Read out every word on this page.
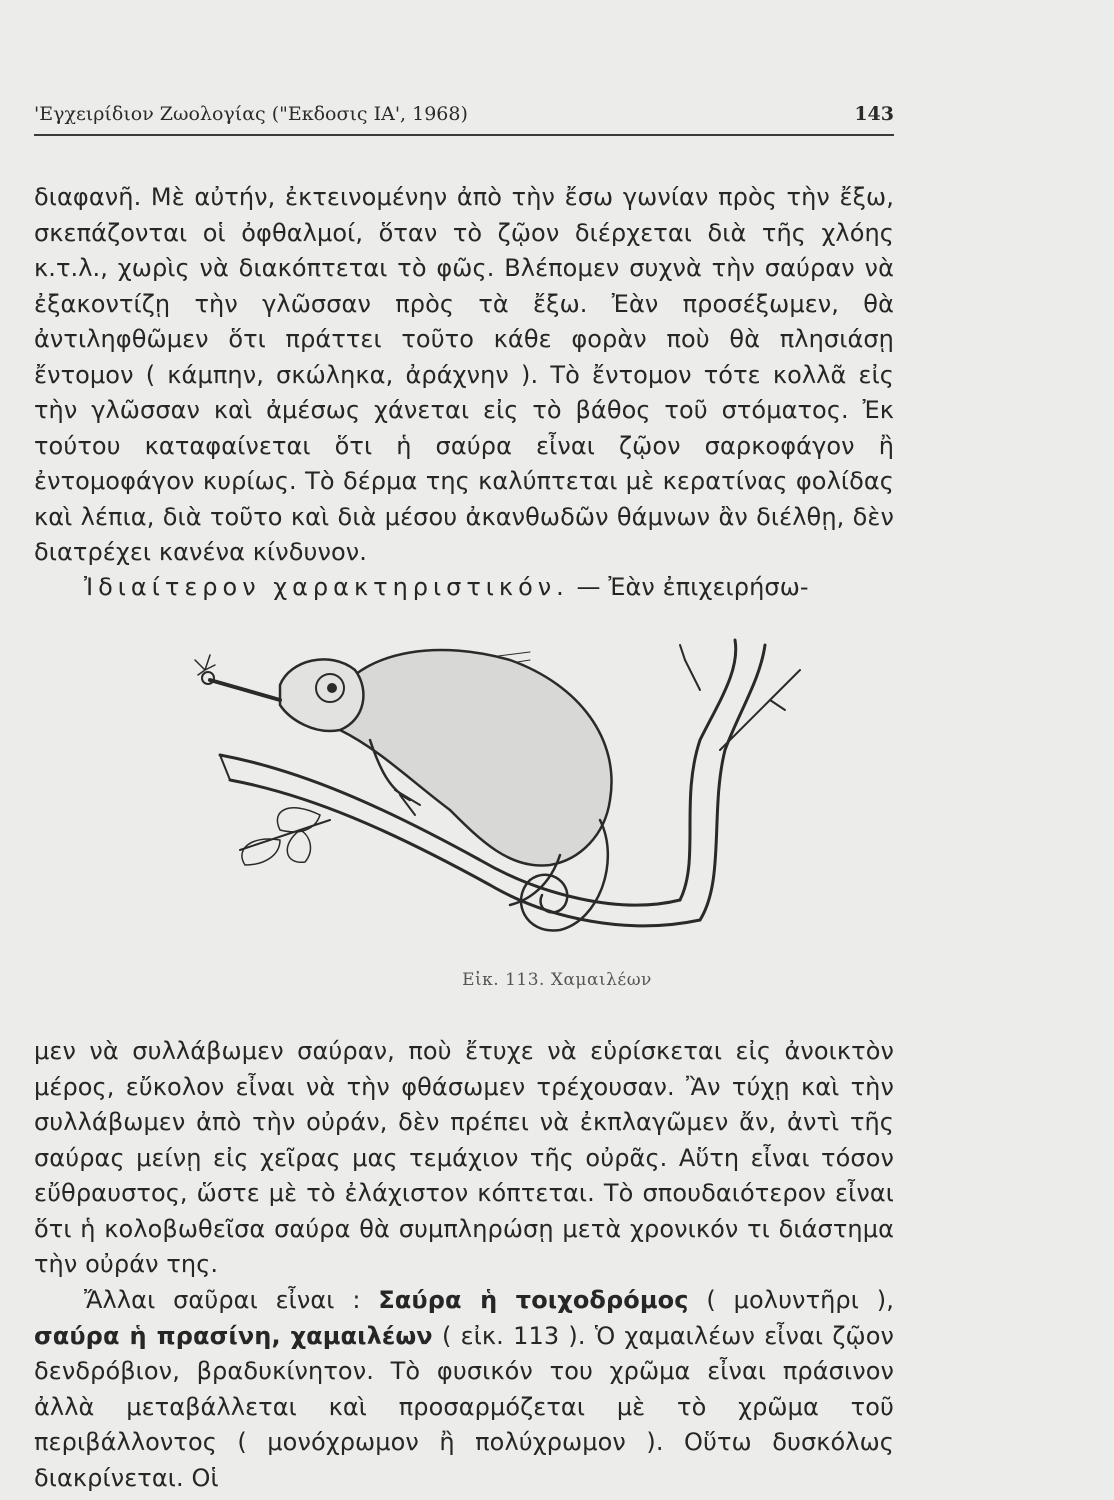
'Εγχειρίδιον Ζωολογίας ("Εκδοσις ΙΑ', 1968)	143

διαφανῆ. Μὲ αὐτήν, ἐκτεινομένην ἀπὸ τὴν ἔσω γωνίαν πρὸς τὴν ἔξω, σκεπάζονται οἱ ὀφθαλμοί, ὅταν τὸ ζῷον διέρχεται διὰ τῆς χλόης κ.τ.λ., χωρὶς νὰ διακόπτεται τὸ φῶς. Βλέπομεν συχνὰ τὴν σαύραν νὰ ἐξακοντίζῃ τὴν γλῶσσαν πρὸς τὰ ἔξω. Ἐὰν προσέξωμεν, θὰ ἀντιληφθῶμεν ὅτι πράττει τοῦτο κάθε φορὰν ποὺ θὰ πλησιάσῃ ἔντομον ( κάμπην, σκώληκα, ἀράχνην ). Τὸ ἔντομον τότε κολλᾶ εἰς τὴν γλῶσσαν καὶ ἀμέσως χάνεται εἰς τὸ βάθος τοῦ στόματος. Ἐκ τούτου καταφαίνεται ὅτι ἡ σαύρα εἶναι ζῷον σαρκοφάγον ἢ ἐντομοφάγον κυρίως. Τὸ δέρμα της καλύπτεται μὲ κερατίνας φολίδας καὶ λέπια, διὰ τοῦτο καὶ διὰ μέσου ἀκανθωδῶν θάμνων ἂν διέλθῃ, δὲν διατρέχει κανένα κίνδυνον.

Ἰδιαίτερον χαρακτηριστικόν. — Ἐὰν ἐπιχειρήσω-

Εἰκ. 113. Χαμαιλέων

μεν νὰ συλλάβωμεν σαύραν, ποὺ ἔτυχε νὰ εὑρίσκεται εἰς ἀνοικτὸν μέρος, εὔκολον εἶναι νὰ τὴν φθάσωμεν τρέχουσαν. Ἂν τύχῃ καὶ τὴν συλλάβωμεν ἀπὸ τὴν οὐράν, δὲν πρέπει νὰ ἐκπλαγῶμεν ἄν, ἀντὶ τῆς σαύρας μείνῃ εἰς χεῖρας μας τεμάχιον τῆς οὐρᾶς. Αὕτη εἶναι τόσον εὔθραυστος, ὥστε μὲ τὸ ἐλάχιστον κόπτεται. Τὸ σπουδαιότερον εἶναι ὅτι ἡ κολοβωθεῖσα σαύρα θὰ συμπληρώσῃ μετὰ χρονικόν τι διάστημα τὴν οὐράν της.

Ἄλλαι σαῦραι εἶναι : Σαύρα ἡ τοιχοδρόμος ( μολυντῆρι ), σαύρα ἡ πρασίνη, χαμαιλέων ( εἰκ. 113 ). Ὁ χαμαιλέων εἶναι ζῷον δενδρόβιον, βραδυκίνητον. Τὸ φυσικόν του χρῶμα εἶναι πράσινον ἀλλὰ μεταβάλλεται καὶ προσαρμόζεται μὲ τὸ χρῶμα τοῦ περιβάλλοντος ( μονόχρωμον ἢ πολύχρωμον ). Οὕτω δυσκόλως διακρίνεται. Οἱ
